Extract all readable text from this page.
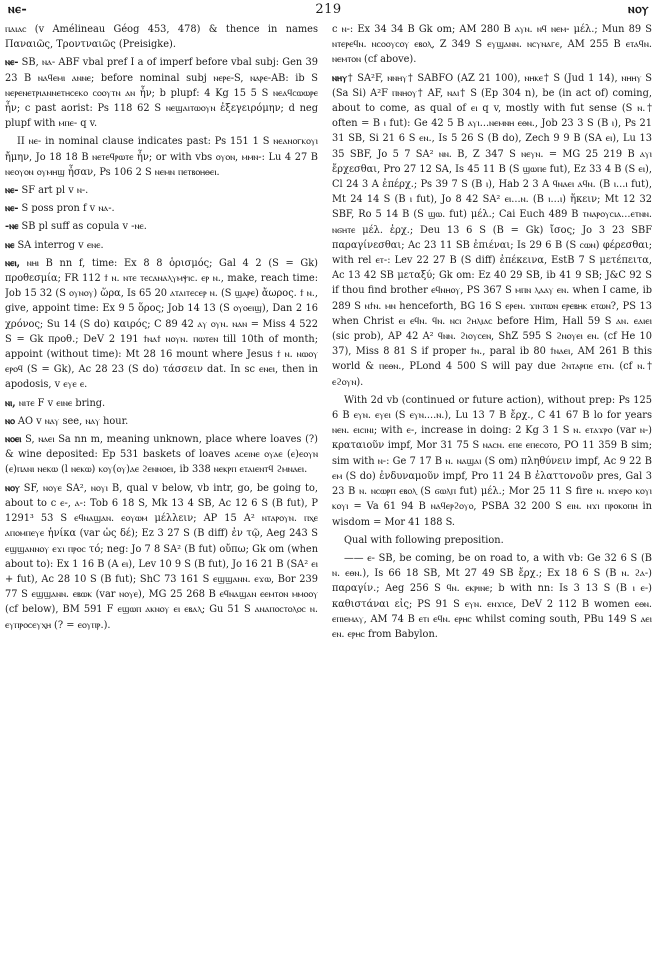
ⲛⲉ-	219	ⲛⲟⲩ

ⲡⲁⲓⲁⲥ (v Amélineau Géog 453, 478) & thence in names Παναιῶς, Τροντναιῶς (Preisigke).

ⲛⲉ- SB, ⲛⲁ- ABF vbal pref I a of imperf before vbal subj: Gen 39 23 B ⲛⲁϥⲉⲙⲓ ⲁⲛⲛⲉ; before nominal subj ⲛⲉⲣⲉ-S, ⲛⲁⲣⲉ-AB: ib S ⲛⲉⲣⲉⲛⲉⲧⲣⲓⲁⲛⲛⲉⲧⲏⲥⲉⲕⲟ ⲥⲟⲟⲩⲧⲛ ⲁⲛ ἦν; b plupf: 4 Kg 15 5 S ⲛⲉⲁϥⲥⲱⲱⲣⲉ ἦν; c past aorist: Ps 118 62 S ⲛⲉϣⲁⲓⲧⲱⲟⲩⲛ ἐξεγειρόμην; d neg plupf with ⲙⲡⲉ- q v.

II ⲛⲉ- in nominal clause indicates past: Ps 151 1 S ⲛⲉⲁⲛⲟⲅⲕⲟⲩⲓ ἤμην, Jo 18 18 B ⲛⲉⲧⲉϥⲣⲱⲧⲉ ἦν; or with vbs ⲟⲩⲟⲛ, ⲙⲙⲛ-: Lu 4 27 B ⲛⲉⲟⲩⲟⲛ ⲟⲩⲙⲏϣ ἦσαν, Ps 106 2 S ⲛⲉⲙⲛ ⲡⲉⲧⲃⲟⲏⲑⲉⲓ.

ⲛⲉ- SF art pl v ⲛ-.

ⲛⲉ- S poss pron f v ⲛⲁ-.

-ⲛⲉ SB pl suff as copula v -ⲛⲉ.

ⲛⲉ SA interrog v ⲉⲛⲉ.

ⲛⲉⲓ, ⲛⲏⲓ B nn f, time: Ex 8 8 ὁρισμός; Gal 4 2 (S = Gk) προθεσμία; FR 112 ϯ ⲛ. ⲛⲧⲉ ⲧⲉⲥⲁⲛⲁⲗⲩⲙⲯⲓⲥ. ⲉⲣ ⲛ., make, reach time: Job 15 32 (S ⲟⲩⲛⲟⲩ) ὥρα, Is 65 20 ⲁⲧⲁⲓⲧⲉⲥⲉⲣ ⲛ. (S ϣⲁⲣⲉ) ἄωρος. ϯ ⲛ., give, appoint time: Ex 9 5 ὅρος; Job 14 13 (S ⲟⲩⲟⲉⲓϣ), Dan 2 16 χρόνος; Su 14 (S do) καιρός; C 89 42 ⲁⲩ ⲟⲩⲛ. ⲛⲁⲛ = Miss 4 522 S = Gk προθ.; DeV 2 191 ϯⲛⲁϯ ⲛⲟⲩⲛ. ⲡⲱⲧⲉⲛ till 10th of month; appoint (without time): Mt 28 16 mount where Jesus ϯ ⲛ. ⲛⲱⲟⲩ ⲉⲣⲟϥ (S = Gk), Ac 28 23 (S do) τάσσειν dat. In sc ⲉⲛⲉⲓ, then in apodosis, v ⲉⲩⲉ ⲉ.

ⲛⲓ, ⲛⲓⲧⲉ F v ⲉⲓⲛⲉ bring.

ⲛⲟ AO v ⲛⲁⲩ see, ⲛⲁⲩ hour.

ⲛⲟⲉⲓ S, ⲛⲁⲉⲓ Sa nn m, meaning unknown, place where loaves (?) & wine deposited: Ep 531 baskets of loaves ⲁⲥⲉⲓⲛⲉ ⲟⲩⲁⲉ (ⲉ)ⲉⲟⲩⲛ (ⲉ)ⲡⲁⲛⲓ ⲛⲉⲕⲱ (l ⲛⲉⲕⲱ) ⲕⲟⲩ(ⲟⲩ)ⲁⲉ ϩⲉⲛⲛⲟⲉⲓ, ib 338 ⲛⲉⲕⲣⲡ ⲉⲧⲁⲓⲉⲛⲧϥ ϩⲙⲛⲁⲉⲓ.

ⲛⲟⲩ SF, ⲛⲟⲩⲉ SA², ⲛⲟⲩⲓ B, qual v below, vb intr, go, be going to, about to c ⲉ-, ⲁ-: Tob 6 18 S, Mk 13 4 SB, Ac 12 6 S (B fut), P 1291³ 53 S ⲉϥⲛⲁϣⲁⲛ. ⲉⲟⲩⲱⲙ μέλλειν; AP 15 A² ⲛⲧⲁⲣⲟⲩⲛ. ⲡⲭⲉ ⲁⲡⲟⲙⲡⲉⲩⲉ ἡνίκα (var ὡς δέ); Ez 3 27 S (B diff) ἐν τῷ, Aeg 243 S ⲉϣϣⲁⲛⲛⲟⲩ ⲉϫⲓ ⲡⲣⲟⲥ τό; neg: Jo 7 8 SA² (B fut) οὔπω; Gk om (when about to): Ex 1 16 B (A ⲉⲓ), Lev 10 9 S (B fut), Jo 16 21 B (SA² ⲉⲓ + fut), Ac 28 10 S (B fut); ShC 73 161 S ⲉϣϣⲁⲛⲛ. ⲉϫⲱ, Bor 239 77 S ⲉϣϣⲁⲛⲛ. ⲉⲃⲱⲕ (var ⲛⲟⲩⲉ), MG 25 268 B ⲉϥⲛⲁϣⲁⲛ ⲉⲉⲙⲧⲟⲛ ⲙⲙⲟⲟⲩ (cf below), BM 591 F ⲉϣⲱⲡ ⲁⲕⲛⲟⲩ ⲉⲓ ⲉⲃⲁⲗ; Gu 51 S ⲁⲛⲁⲡⲟⲥⲧⲟⲗⲟⲥ ⲛ. ⲉⲩⲡⲣⲟⲥⲉⲩⲭⲏ (? = ⲉⲟⲩⲡⲣ.).

c ⲛ-: Ex 34 34 B Gk om; AM 280 B ⲁⲩⲛ. ⲛϥ ⲛⲉⲙ- μέλ.; Mun 89 S ⲛⲧⲉⲣⲉϥⲛ. ⲛⲥⲟⲟⲩⲥⲟⲩ ⲉⲃⲟⲗ, Z 349 S ⲉⲩϣⲁⲛⲛ. ⲛⲥⲩⲛⲁⲅⲉ, AM 255 B ⲉⲧⲁϥⲛ. ⲛⲉⲙⲧⲟⲛ (cf above).

ⲛⲏⲩ† SA²F, ⲛⲛⲏⲩ† SABFO (AZ 21 100), ⲛⲏⲕⲉ† S (Jud 1 14), ⲛⲏⲏⲩ S (Sa Si) A²F ⲡⲛⲏⲟⲩ† AF, ⲛⲁⲓ† S (Ep 304 n), be (in act of) coming, about to come, as qual of ⲉⲓ q v, mostly with fut sense (S ⲛ.† often = B ⲓ fut): Ge 42 5 B ⲁⲩⲓ...ⲛⲉⲙⲛⲏ ⲉⲑⲛ., Job 23 3 S (B ⲓ), Ps 21 31 SB, Si 21 6 S ⲉⲛ., Is 5 26 S (B do), Zech 9 9 B (SA ⲉⲓ), Lu 13 35 SBF, Jo 5 7 SA² ⲛⲛ. B, Z 347 S ⲛⲉⲩⲛ. = MG 25 219 B ⲁⲩⲓ ἔρχεσθαι, Pro 27 12 SA, Is 45 11 B (S ϣⲱⲡⲉ fut), Ez 33 4 B (S ⲉⲓ), Cl 24 3 A ἐπέρχ.; Ps 39 7 S (B ⲓ), Hab 2 3 A ϥⲛⲁⲉⲓ ⲁϥⲛ. (B ⲓ...ⲓ fut), Mt 24 14 S (B ⲓ fut), Jo 8 42 SA² ⲉⲓ...ⲛ. (B ⲓ...ⲓ) ἥκειν; Mt 12 32 SBF, Ro 5 14 B (S ϣⲱ. fut) μέλ.; Cai Euch 489 B ⲧⲛⲁⲣⲟⲩⲥⲓⲁ...ⲉⲧⲛⲛ. ⲛϭⲏⲧⲉ μέλ. ἐρχ.; Deu 13 6 S (B = Gk) ἴσος; Jo 3 23 SBF παραγίνεσθαι; Ac 23 11 SB ἐπιέναι; Is 29 6 B (S ⲥⲱⲛ) φέρεσθαι; with rel ⲉⲧ-: Lev 22 27 B (S diff) ἐπέκεινα, EstB 7 S μετέπειτα, Ac 13 42 SB μεταξύ; Gk om: Ez 40 29 SB, ib 41 9 SB; J&C 92 S if thou find brother ⲉϥⲛⲏⲟⲩ, PS 367 S ⲙⲡⲛ ⲗⲁⲁⲩ ⲉⲛ. when I came, ib 289 S ⲛϯⲛ. ⲙⲛ henceforth, BG 16 S ⲉⲣⲉⲛ. ϫⲓⲛⲧⲱⲛ ⲉⲣⲉⲃⲏⲕ ⲉⲧⲱⲛ?, PS 13 when Christ ⲉⲓ ⲉϥⲛ. ϥⲛ. ⲛⲥⲓ ϩⲏⲗⲓⲁⲥ before Him, Hall 59 S ⲁⲛ. ⲉⲁⲓⲉⲓ (sic prob), AP 42 A² ϥⲛⲛ. ϩⲓⲟⲩⲥⲉⲛ, ShZ 595 S ϩⲛⲟⲩⲉⲓ ⲉⲛ. (cf He 10 37), Miss 8 81 S if proper ϯⲛ., paral ib 80 ϯⲛⲁⲉⲓ, AM 261 B this world & ⲡⲉⲑⲛ., PLond 4 500 S will pay due ϩⲛⲧⲁⲣⲡⲉ ⲉⲧⲛ. (cf ⲛ.† ⲉϩⲟⲩⲛ).

With 2d vb (continued or future action), without prep: Ps 125 6 B ⲉⲩⲛ. ⲉⲩⲉⲓ (S ⲉⲩⲛ....ⲛ.), Lu 13 7 B ἔρχ., C 41 67 B lo for years ⲛⲉⲛ. ⲉⲓⲥⲓⲛⲓ; with ⲉ-, increase in doing: 2 Kg 3 1 S ⲛ. ⲉⲧⲁϫⲣⲟ (var ⲛ-) κραταιοῦν impf, Mor 31 75 S ⲛⲁⲥⲛ. ⲉⲡⲉ ⲉⲡⲉⲥⲟⲧⲟ, PO 11 359 B sim; sim with ⲛ-: Ge 7 17 B ⲛ. ⲛⲁϣⲁⲓ (S om) πληθύνειν impf, Ac 9 22 B ⲉⲙ (S do) ἐνδυναμοῦν impf, Pro 11 24 B ἐλαττονοῦν pres, Gal 3 23 B ⲛ. ⲛⲥⲱⲣⲡ ⲉⲃⲟⲗ (S ϭⲱⲗⲡ fut) μέλ.; Mor 25 11 S fire ⲛ. ⲛϫⲉⲣⲟ ⲕⲟⲩⲓ ⲕⲟⲩⲓ = Va 61 94 B ⲛⲁϥⲉⲣϩⲟⲩⲟ, PSBA 32 200 S ⲉⲓⲛ. ⲛϫⲓ ⲡⲣⲟⲕⲟⲡⲏ in wisdom = Mor 41 188 S.

Qual with following preposition.

—— ⲉ- SB, be coming, be on road to, a with vb: Ge 32 6 S (B ⲛ. ⲉⲑⲛ.), Is 66 18 SB, Mt 27 49 SB ἔρχ.; Ex 18 6 S (B ⲛ. ϩⲁ-) παραγίν.; Aeg 256 S ϥⲛ. ⲉⲕⲣⲓⲛⲉ; b with nn: Is 3 13 S (B ⲓ ⲉ-) καθιστάναι εἰς; PS 91 S ⲉⲩⲛ. ⲉⲛϫⲓⲥⲉ, DeV 2 112 B women ⲉⲑⲛ. ⲉⲡⲓⲉⲙⲁⲩ, AM 74 B ⲉⲧⲓ ⲉϥⲛ. ⲉⲣⲏⲥ whilst coming south, PBu 149 S ⲁⲉⲓ ⲉⲛ. ⲉⲣⲏⲥ from Babylon.
